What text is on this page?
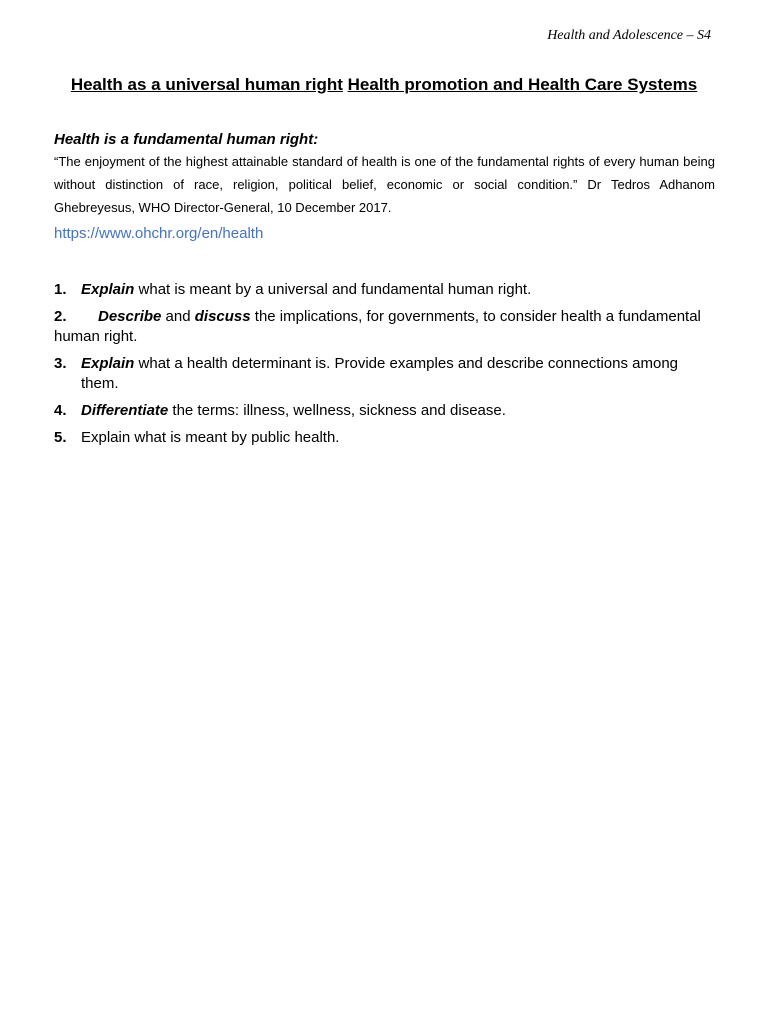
Health and Adolescence – S4
Health as a universal human right Health promotion and Health Care Systems
Health is a fundamental human right:

“The enjoyment of the highest attainable standard of health is one of the fundamental rights of every human being without distinction of race, religion, political belief, economic or social condition.” Dr Tedros Adhanom Ghebreyesus, WHO Director-General, 10 December 2017.

https://www.ohchr.org/en/health
1. Explain what is meant by a universal and fundamental human right.
2. Describe and discuss the implications, for governments, to consider health a fundamental human right.
3. Explain what a health determinant is. Provide examples and describe connections among them.
4. Differentiate the terms: illness, wellness, sickness and disease.
5. Explain what is meant by public health.
